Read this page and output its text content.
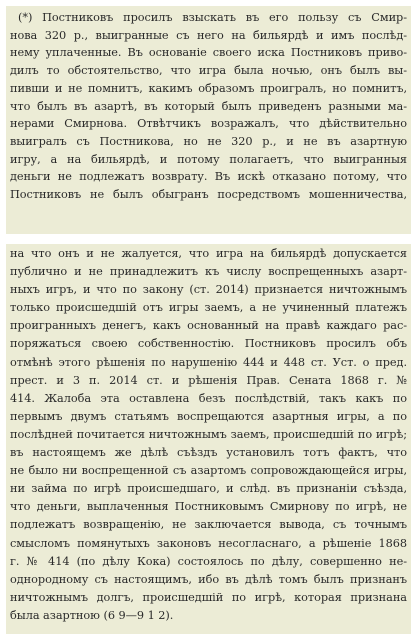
(*) Постниковъ просилъ взыскать въ его пользу съ Смир-
нова 320 р., выигранные съ него на бильярдѣ и имъ послѣд-
нему уплаченные. Въ основаніе своего иска Постниковъ приво-
дилъ то обстоятельство, что игра была ночью, онъ былъ вы-
пивши и не помнитъ, какимъ образомъ проигралъ, но помнитъ,
что былъ въ азартѣ, въ который былъ приведенъ разными ма-
нерами Смирнова. Отвѣтчикъ возражалъ, что дѣйствительно
выигралъ съ Постникова, но не 320 р., и не въ азартную
игру, а на бильярдѣ, и потому полагаетъ, что выигранныя
деньги не подлежатъ возврату. Въ искѣ отказано потому, что
Постниковъ не былъ обыгранъ посредствомъ мошенничества,
на что онъ и не жалуется, что игра на бильярдѣ допускается
публично и не принадлежитъ къ числу воспрещенныхъ азарт-
ныхъ игръ, и что по закону (ст. 2014) признается ничтожнымъ
только происшедшій отъ игры заемъ, а не учиненный платежъ
проигранныхъ денегъ, какъ основанный на правѣ каждаго рас-
поряжаться своею собственностію. Постниковъ просилъ объ
отмѣнѣ этого рѣшенія по нарушенію 444 и 448 ст. Уст. о пред.
прест. и 3 п. 2014 ст. и рѣшенія Прав. Сената 1868 г. №
414. Жалоба эта оставлена безъ послѣдствій, такъ какъ по
первымъ двумъ статьямъ воспрещаются азартныя игры, а по
послѣдней почитается ничтожнымъ заемъ, происшедшій по игрѣ;
въ настоящемъ же дѣлѣ съѣздъ установилъ тотъ фактъ, что
не было ни воспрещенной съ азартомъ сопровождающейся игры,
ни займа по игрѣ происшедшаго, и слѣд. въ признаніи съѣзда,
что деньги, выплаченныя Постниковымъ Смирнову по игрѣ, не
подлежатъ возвращенію, не заключается вывода, съ точнымъ
смысломъ помянутыхъ законовъ несогласнаго, а рѣшеніе 1868
г. № 414 (по дѣлу Кока) состоялось по дѣлу, совершенно не-
однородному съ настоящимъ, ибо въ дѣлѣ томъ былъ признанъ
ничтожнымъ долгъ, происшедшій по игрѣ, которая признана
была азартною (6 9—9 1 2).
